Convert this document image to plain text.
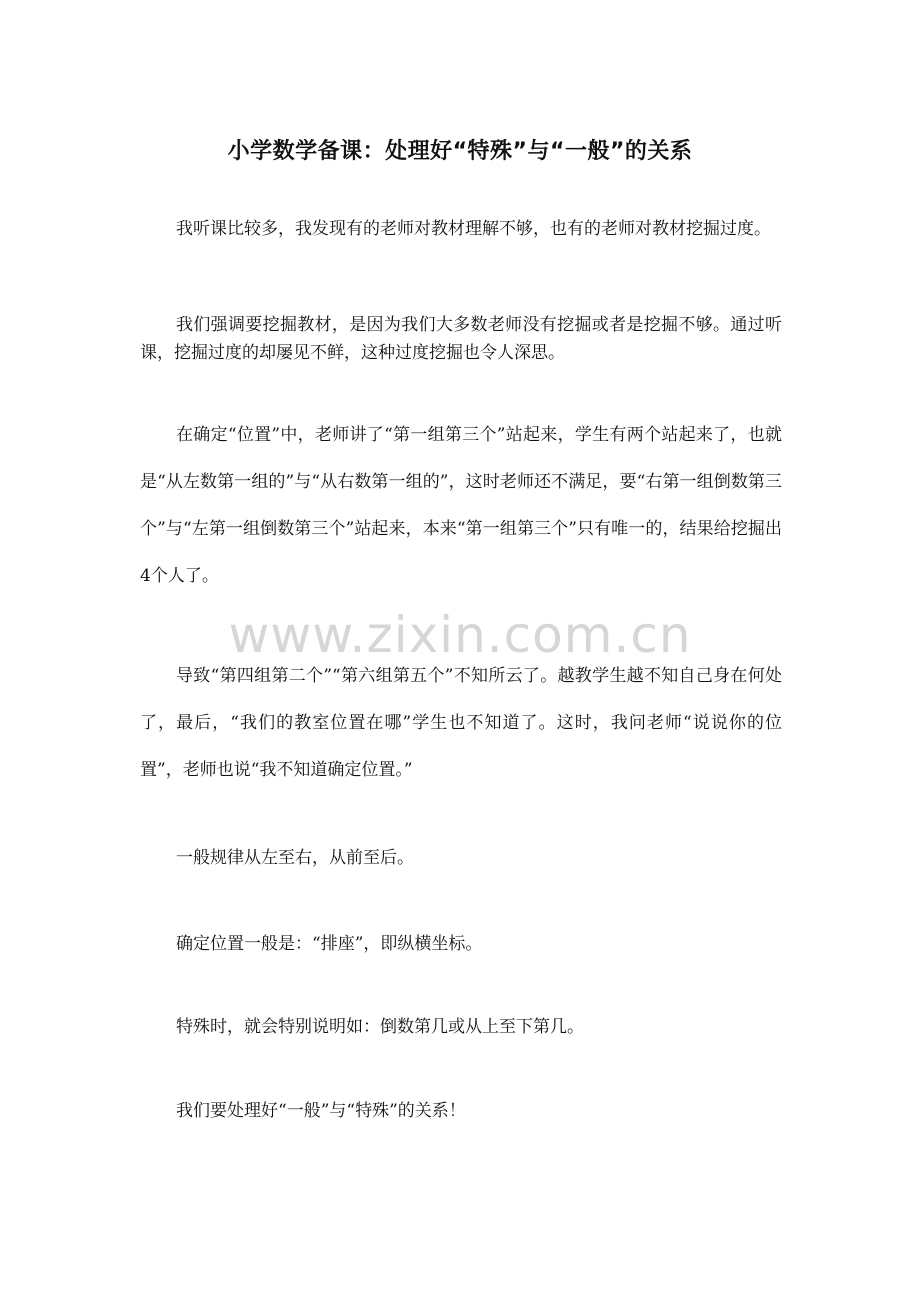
小学数学备课：处理好“特殊”与“一般”的关系

我听课比较多，我发现有的老师对教材理解不够，也有的老师对教材挖掘过度。

我们强调要挖掘教材，是因为我们大多数老师没有挖掘或者是挖掘不够。通过听课，挖掘过度的却屡见不鲜，这种过度挖掘也令人深思。

在确定“位置”中，老师讲了“第一组第三个”站起来，学生有两个站起来了，也就是“从左数第一组的”与“从右数第一组的”，这时老师还不满足，要“右第一组倒数第三个”与“左第一组倒数第三个”站起来，本来“第一组第三个”只有唯一的，结果给挖掘出4个人了。

www.zixin.com.cn

导致“第四组第二个”“第六组第五个”不知所云了。越教学生越不知自己身在何处了，最后，“我们的教室位置在哪”学生也不知道了。这时，我问老师“说说你的位置”，老师也说“我不知道确定位置。”

一般规律从左至右，从前至后。

确定位置一般是：“排座”，即纵横坐标。

特殊时，就会特别说明如：倒数第几或从上至下第几。

我们要处理好“一般”与“特殊”的关系！
